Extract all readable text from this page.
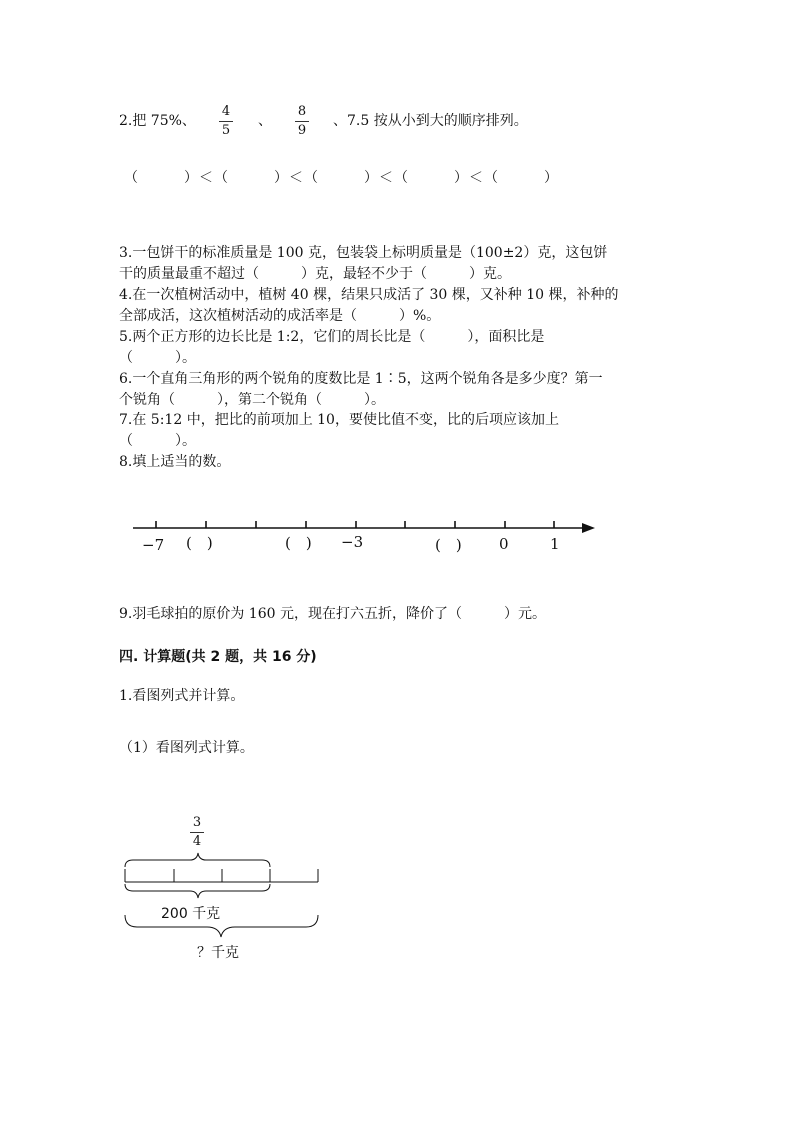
2.把 75%、
4
5
、
8
9
、7.5 按从小到大的顺序排列。
（　　　）＜（　　　）＜（　　　）＜（　　　）＜（　　　）
3.一包饼干的标准质量是 100 克，包装袋上标明质量是（100±2）克，这包饼
干的质量最重不超过（　　　）克，最轻不少于（　　　）克。
4.在一次植树活动中，植树 40 棵，结果只成活了 30 棵，又补种 10 棵，补种的
全部成活，这次植树活动的成活率是（　　　）%。
5.两个正方形的边长比是 1:2，它们的周长比是（　　　），面积比是
（　　　）。
6.一个直角三角形的两个锐角的度数比是 1∶5，这两个锐角各是多少度？第一
个锐角（　　　），第二个锐角（　　　）。
7.在 5:12 中，把比的前项加上 10，要使比值不变，比的后项应该加上
（　　　）。
8.填上适当的数。
−7 (　)	(　) −3	(　) 0	1
9.羽毛球拍的原价为 160 元，现在打六五折，降价了（　　　）元。
四. 计算题(共 2 题，共 16 分)
1.看图列式并计算。
（1）看图列式计算。
3
4
200 千克
？千克
